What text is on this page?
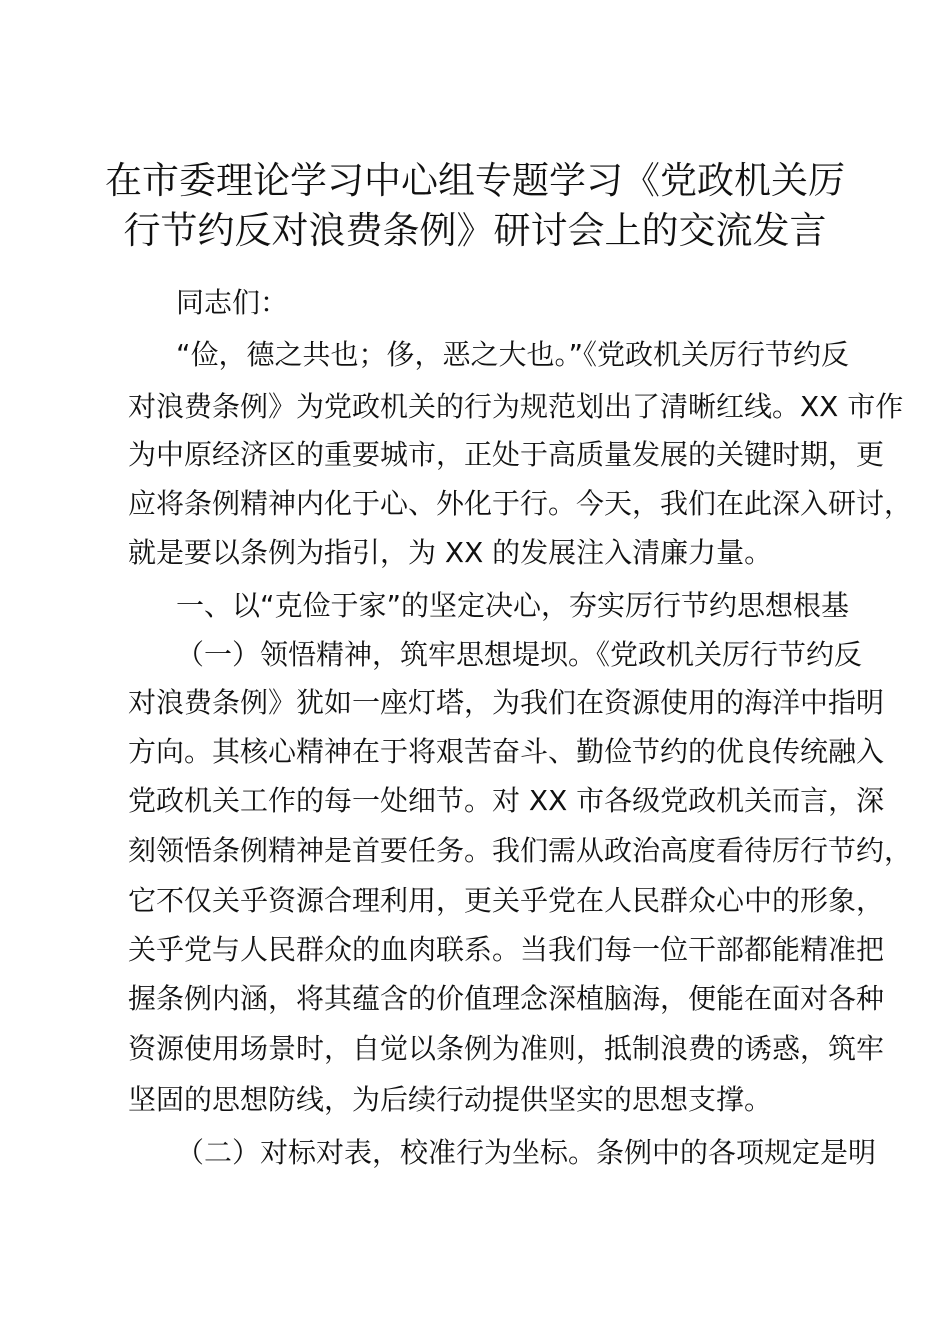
在市委理论学习中心组专题学习《党政机关厉
行节约反对浪费条例》研讨会上的交流发言
同志们：
“俭，德之共也；侈，恶之大也。”《党政机关厉行节约反
对浪费条例》为党政机关的行为规范划出了清晰红线。XX 市作
为中原经济区的重要城市，正处于高质量发展的关键时期，更
应将条例精神内化于心、外化于行。今天，我们在此深入研讨，
就是要以条例为指引，为 XX 的发展注入清廉力量。
一、以“克俭于家”的坚定决心，夯实厉行节约思想根基
（一）领悟精神，筑牢思想堤坝。《党政机关厉行节约反
对浪费条例》犹如一座灯塔，为我们在资源使用的海洋中指明
方向。其核心精神在于将艰苦奋斗、勤俭节约的优良传统融入
党政机关工作的每一处细节。对 XX 市各级党政机关而言，深
刻领悟条例精神是首要任务。我们需从政治高度看待厉行节约，
它不仅关乎资源合理利用，更关乎党在人民群众心中的形象，
关乎党与人民群众的血肉联系。当我们每一位干部都能精准把
握条例内涵，将其蕴含的价值理念深植脑海，便能在面对各种
资源使用场景时，自觉以条例为准则，抵制浪费的诱惑，筑牢
坚固的思想防线，为后续行动提供坚实的思想支撑。
（二）对标对表，校准行为坐标。条例中的各项规定是明
